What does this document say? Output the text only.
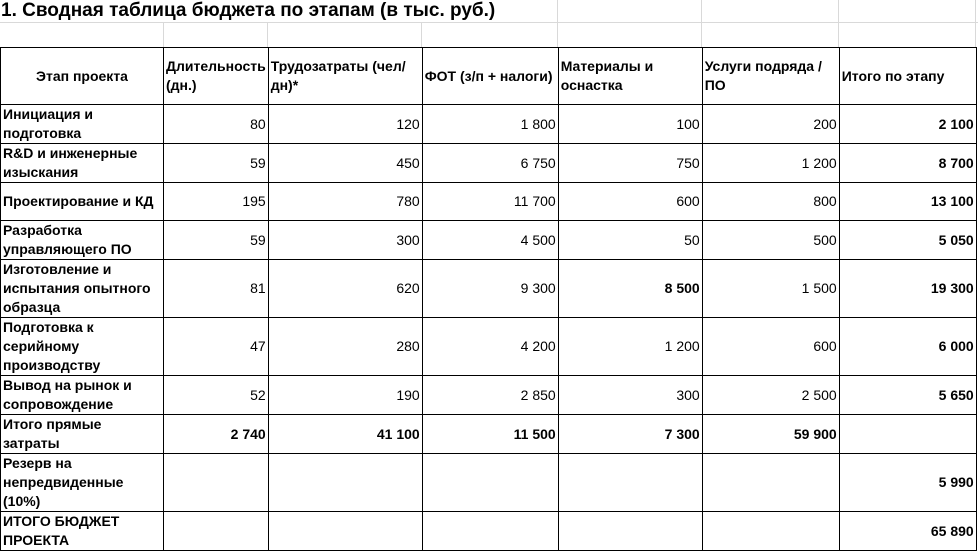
1. Сводная таблица бюджета по этапам (в тыс. руб.)
Этап проекта	Длительность (дн.)	Трудозатраты (чел/дн)*	ФОТ (з/п + налоги)	Материалы и оснастка	Услуги подряда / ПО	Итого по этапу
Инициация и подготовка	80	120	1 800	100	200	2 100
R&D и инженерные изыскания	59	450	6 750	750	1 200	8 700
Проектирование и КД	195	780	11 700	600	800	13 100
Разработка управляющего ПО	59	300	4 500	50	500	5 050
Изготовление и испытания опытного образца	81	620	9 300	8 500	1 500	19 300
Подготовка к серийному производству	47	280	4 200	1 200	600	6 000
Вывод на рынок и сопровождение	52	190	2 850	300	2 500	5 650
Итого прямые затраты	2 740	41 100	11 500	7 300	59 900	
Резерв на непредвиденные (10%)						5 990
ИТОГО БЮДЖЕТ ПРОЕКТА						65 890
